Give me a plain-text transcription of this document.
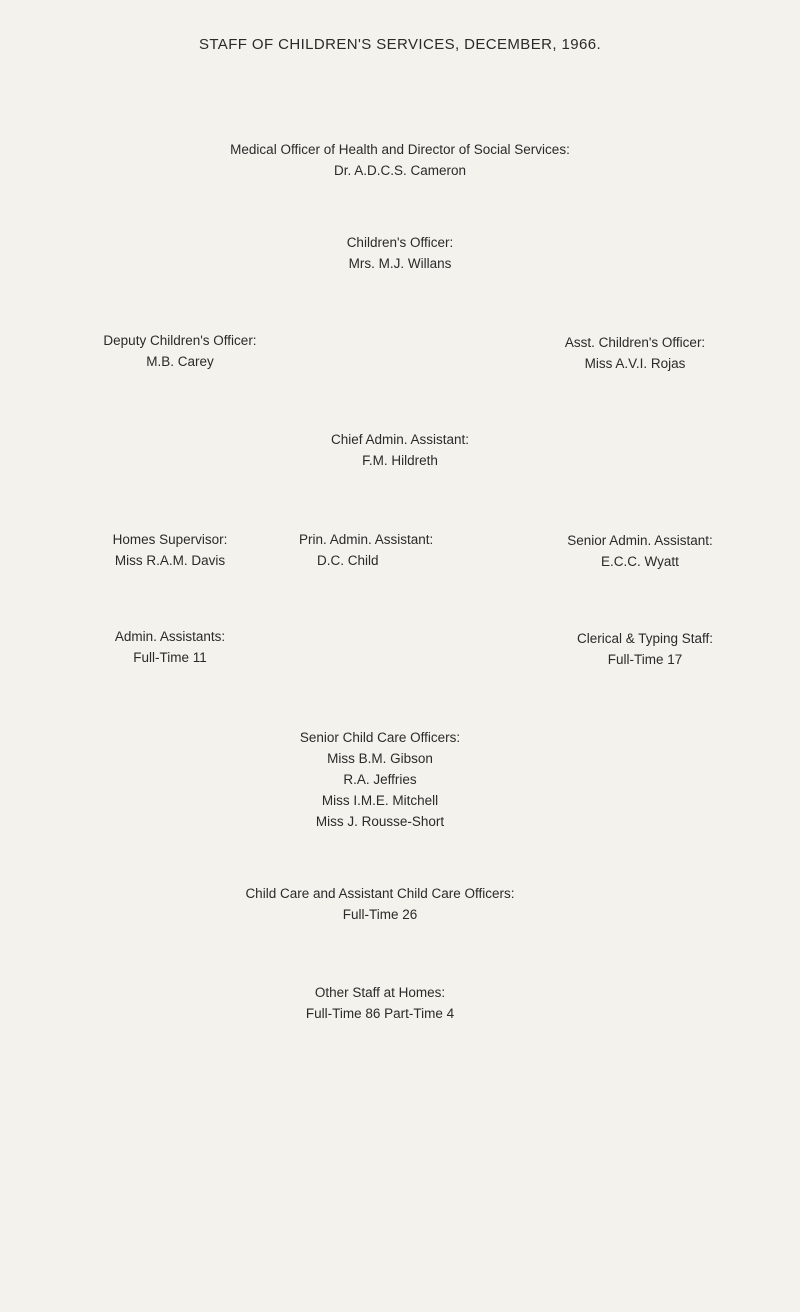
STAFF OF CHILDREN'S SERVICES, DECEMBER, 1966.
Medical Officer of Health and Director of Social Services:
Dr. A.D.C.S. Cameron
Children's Officer:
Mrs. M.J. Willans
Deputy Children's Officer:
M.B. Carey
Asst. Children's Officer:
Miss A.V.I. Rojas
Chief Admin. Assistant:
F.M. Hildreth
Homes Supervisor:
Miss R.A.M. Davis
Prin. Admin. Assistant:
D.C. Child
Senior Admin. Assistant:
E.C.C. Wyatt
Admin. Assistants:
Full-Time 11
Clerical & Typing Staff:
Full-Time 17
Senior Child Care Officers:
Miss B.M. Gibson
R.A. Jeffries
Miss I.M.E. Mitchell
Miss J. Rousse-Short
Child Care and Assistant Child Care Officers:
Full-Time 26
Other Staff at Homes:
Full-Time 86 Part-Time 4
